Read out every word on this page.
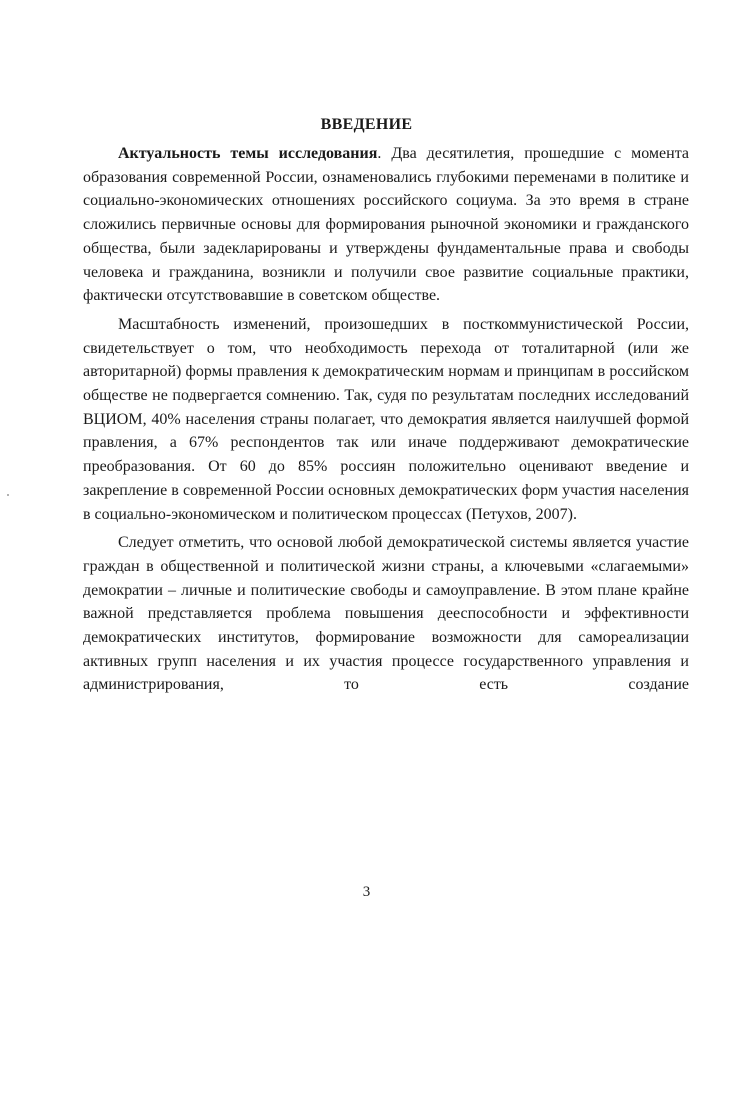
ВВЕДЕНИЕ

Актуальность темы исследования. Два десятилетия, прошедшие с момента образования современной России, ознаменовались глубокими переменами в политике и социально-экономических отношениях российского социума. За это время в стране сложились первичные основы для формирования рыночной экономики и гражданского общества, были задекларированы и утверждены фундаментальные права и свободы человека и гражданина, возникли и получили свое развитие социальные практики, фактически отсутствовавшие в советском обществе.

Масштабность изменений, произошедших в посткоммунистической России, свидетельствует о том, что необходимость перехода от тоталитарной (или же авторитарной) формы правления к демократическим нормам и принципам в российском обществе не подвергается сомнению. Так, судя по результатам последних исследований ВЦИОМ, 40% населения страны полагает, что демократия является наилучшей формой правления, а 67% респондентов так или иначе поддерживают демократические преобразования. От 60 до 85% россиян положительно оценивают введение и закрепление в современной России основных демократических форм участия населения в социально-экономическом и политическом процессах (Петухов, 2007).

Следует отметить, что основой любой демократической системы является участие граждан в общественной и политической жизни страны, а ключевыми «слагаемыми» демократии – личные и политические свободы и самоуправление. В этом плане крайне важной представляется проблема повышения дееспособности и эффективности демократических институтов, формирование возможности для самореализации активных групп населения и их участия процессе государственного управления и администрирования, то есть создание

3
